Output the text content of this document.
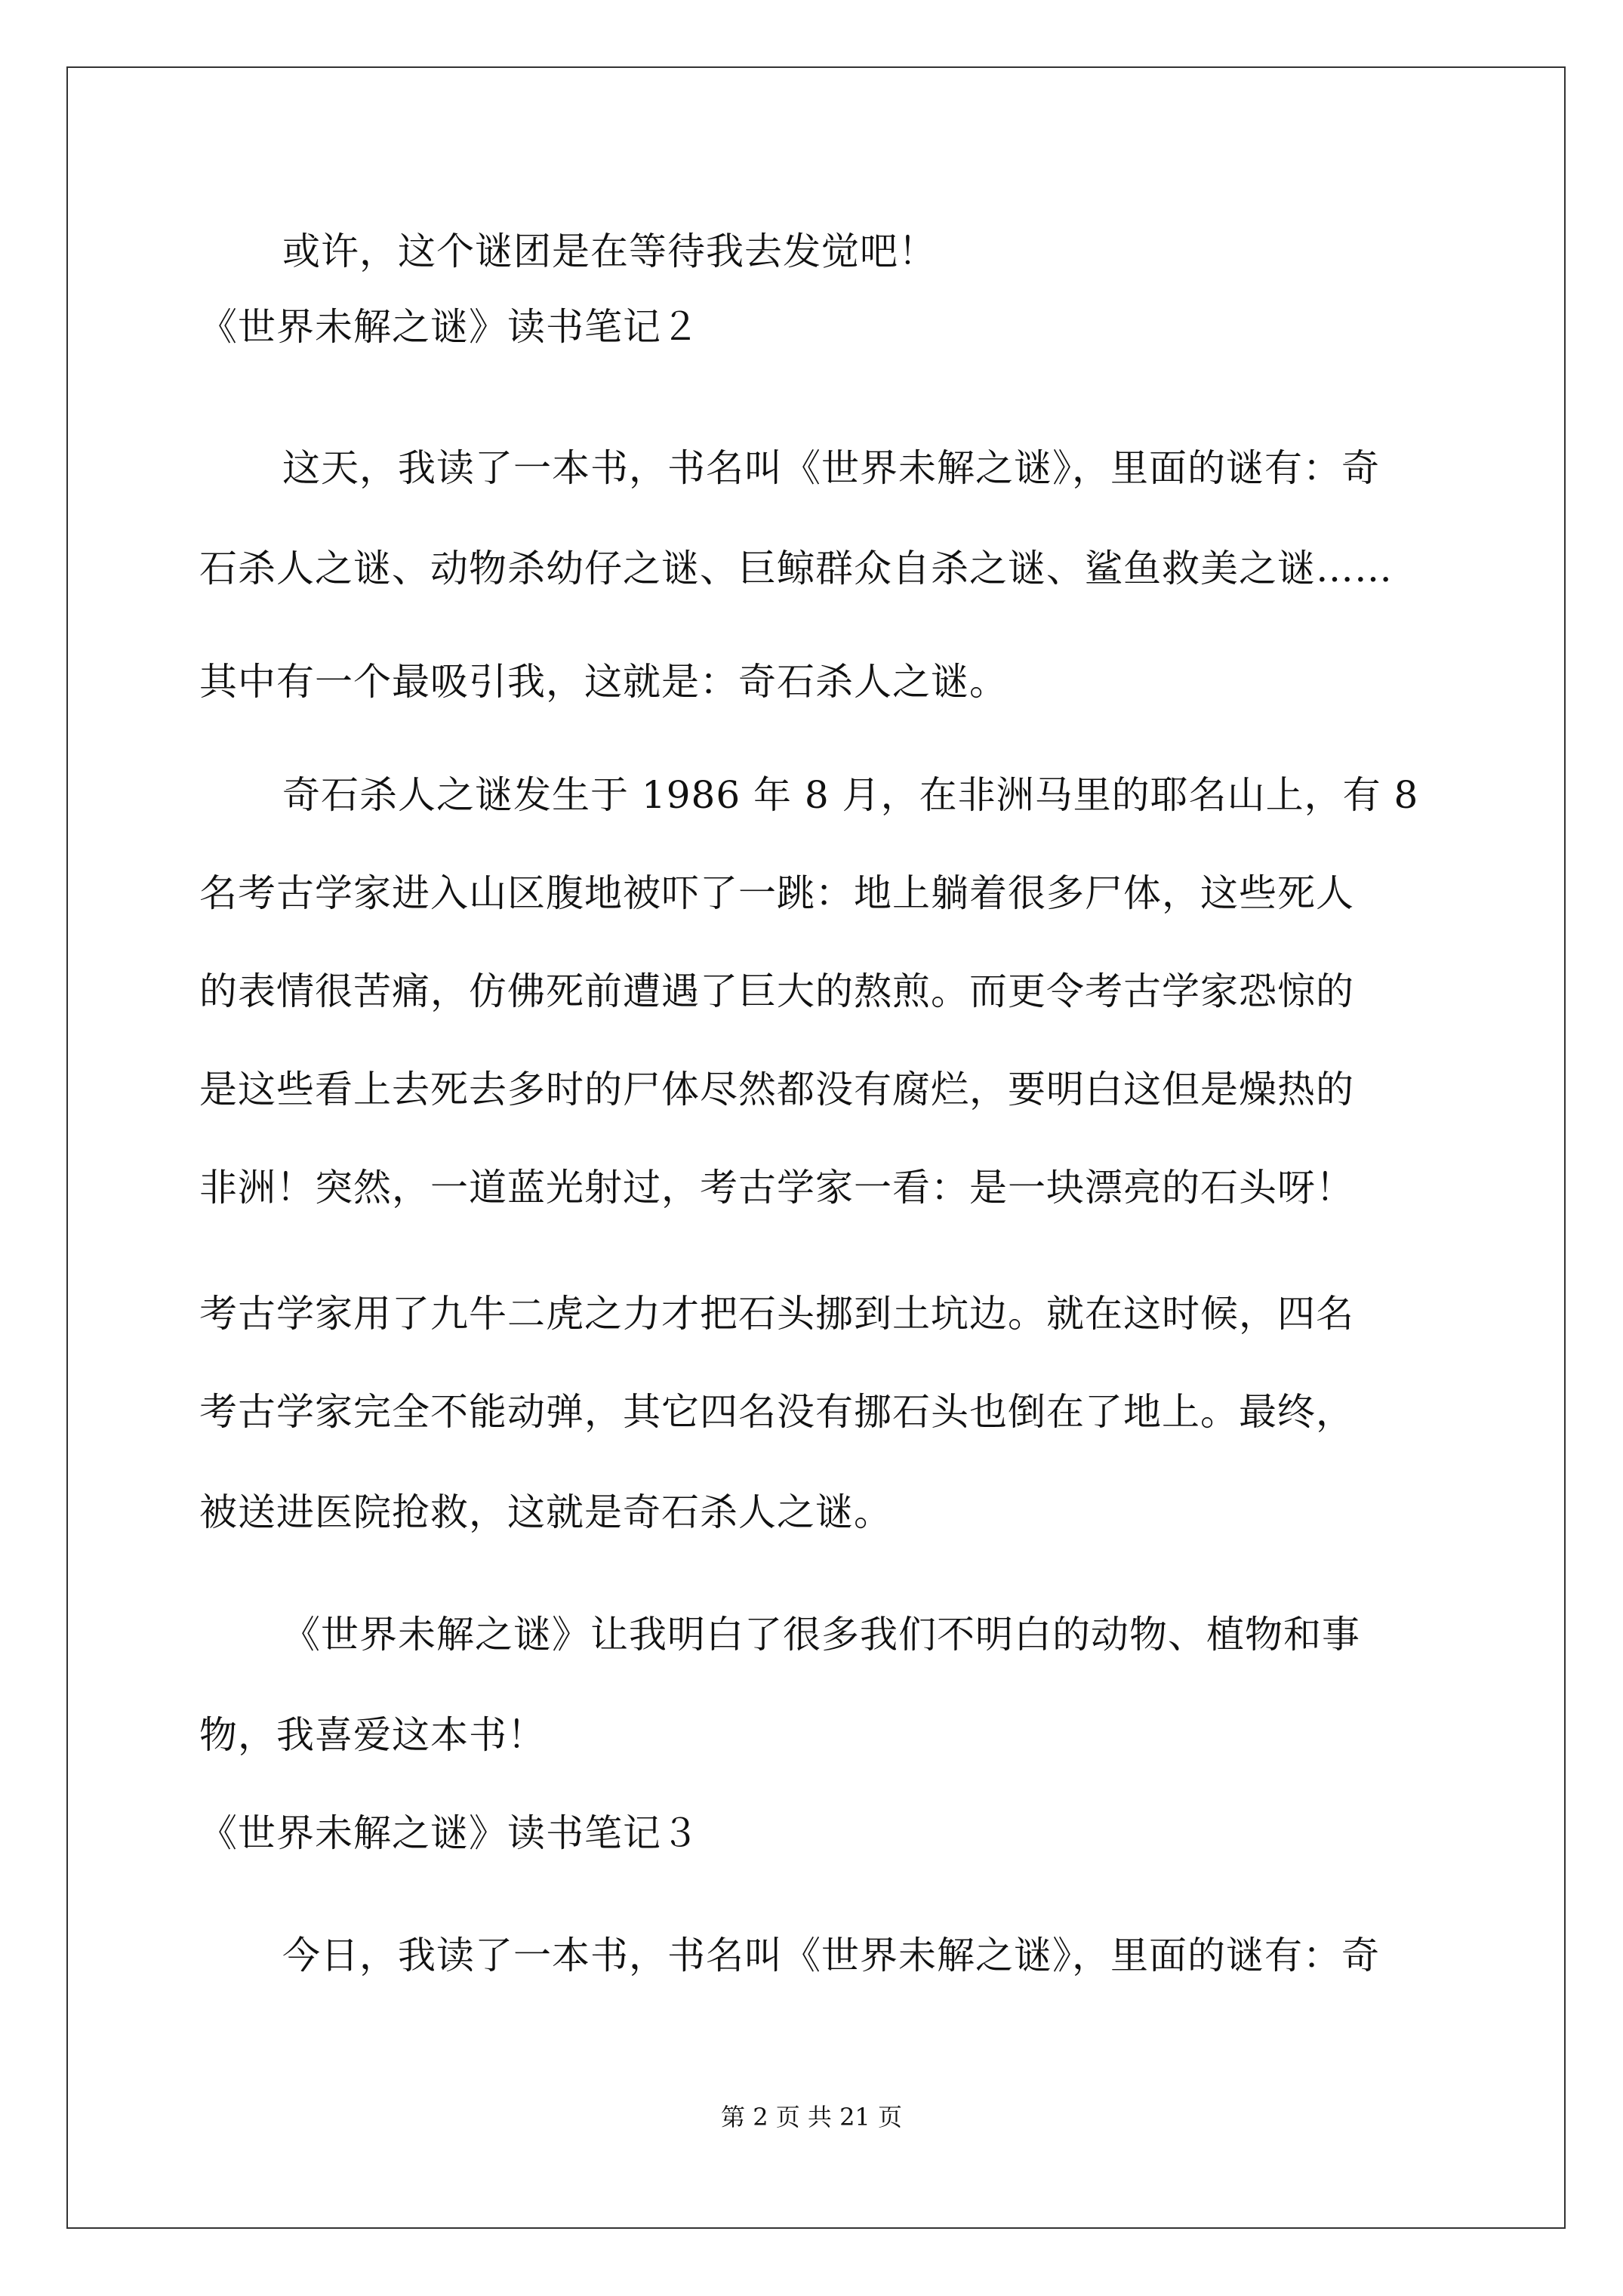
或许，这个谜团是在等待我去发觉吧！
《世界未解之谜》读书笔记２
这天，我读了一本书，书名叫《世界未解之谜》，里面的谜有：奇
石杀人之谜、动物杀幼仔之谜、巨鲸群众自杀之谜、鲨鱼救美之谜……
其中有一个最吸引我，这就是：奇石杀人之谜。
奇石杀人之谜发生于 1986 年 8 月，在非洲马里的耶名山上，有 8
名考古学家进入山区腹地被吓了一跳：地上躺着很多尸体，这些死人
的表情很苦痛，仿佛死前遭遇了巨大的熬煎。而更令考古学家恐惊的
是这些看上去死去多时的尸体尽然都没有腐烂，要明白这但是燥热的
非洲！突然，一道蓝光射过，考古学家一看：是一块漂亮的石头呀！
考古学家用了九牛二虎之力才把石头挪到土坑边。就在这时候，四名
考古学家完全不能动弹，其它四名没有挪石头也倒在了地上。最终，
被送进医院抢救，这就是奇石杀人之谜。
《世界未解之谜》让我明白了很多我们不明白的动物、植物和事
物，我喜爱这本书！
《世界未解之谜》读书笔记３
今日，我读了一本书，书名叫《世界未解之谜》，里面的谜有：奇
第 2 页 共 21 页
